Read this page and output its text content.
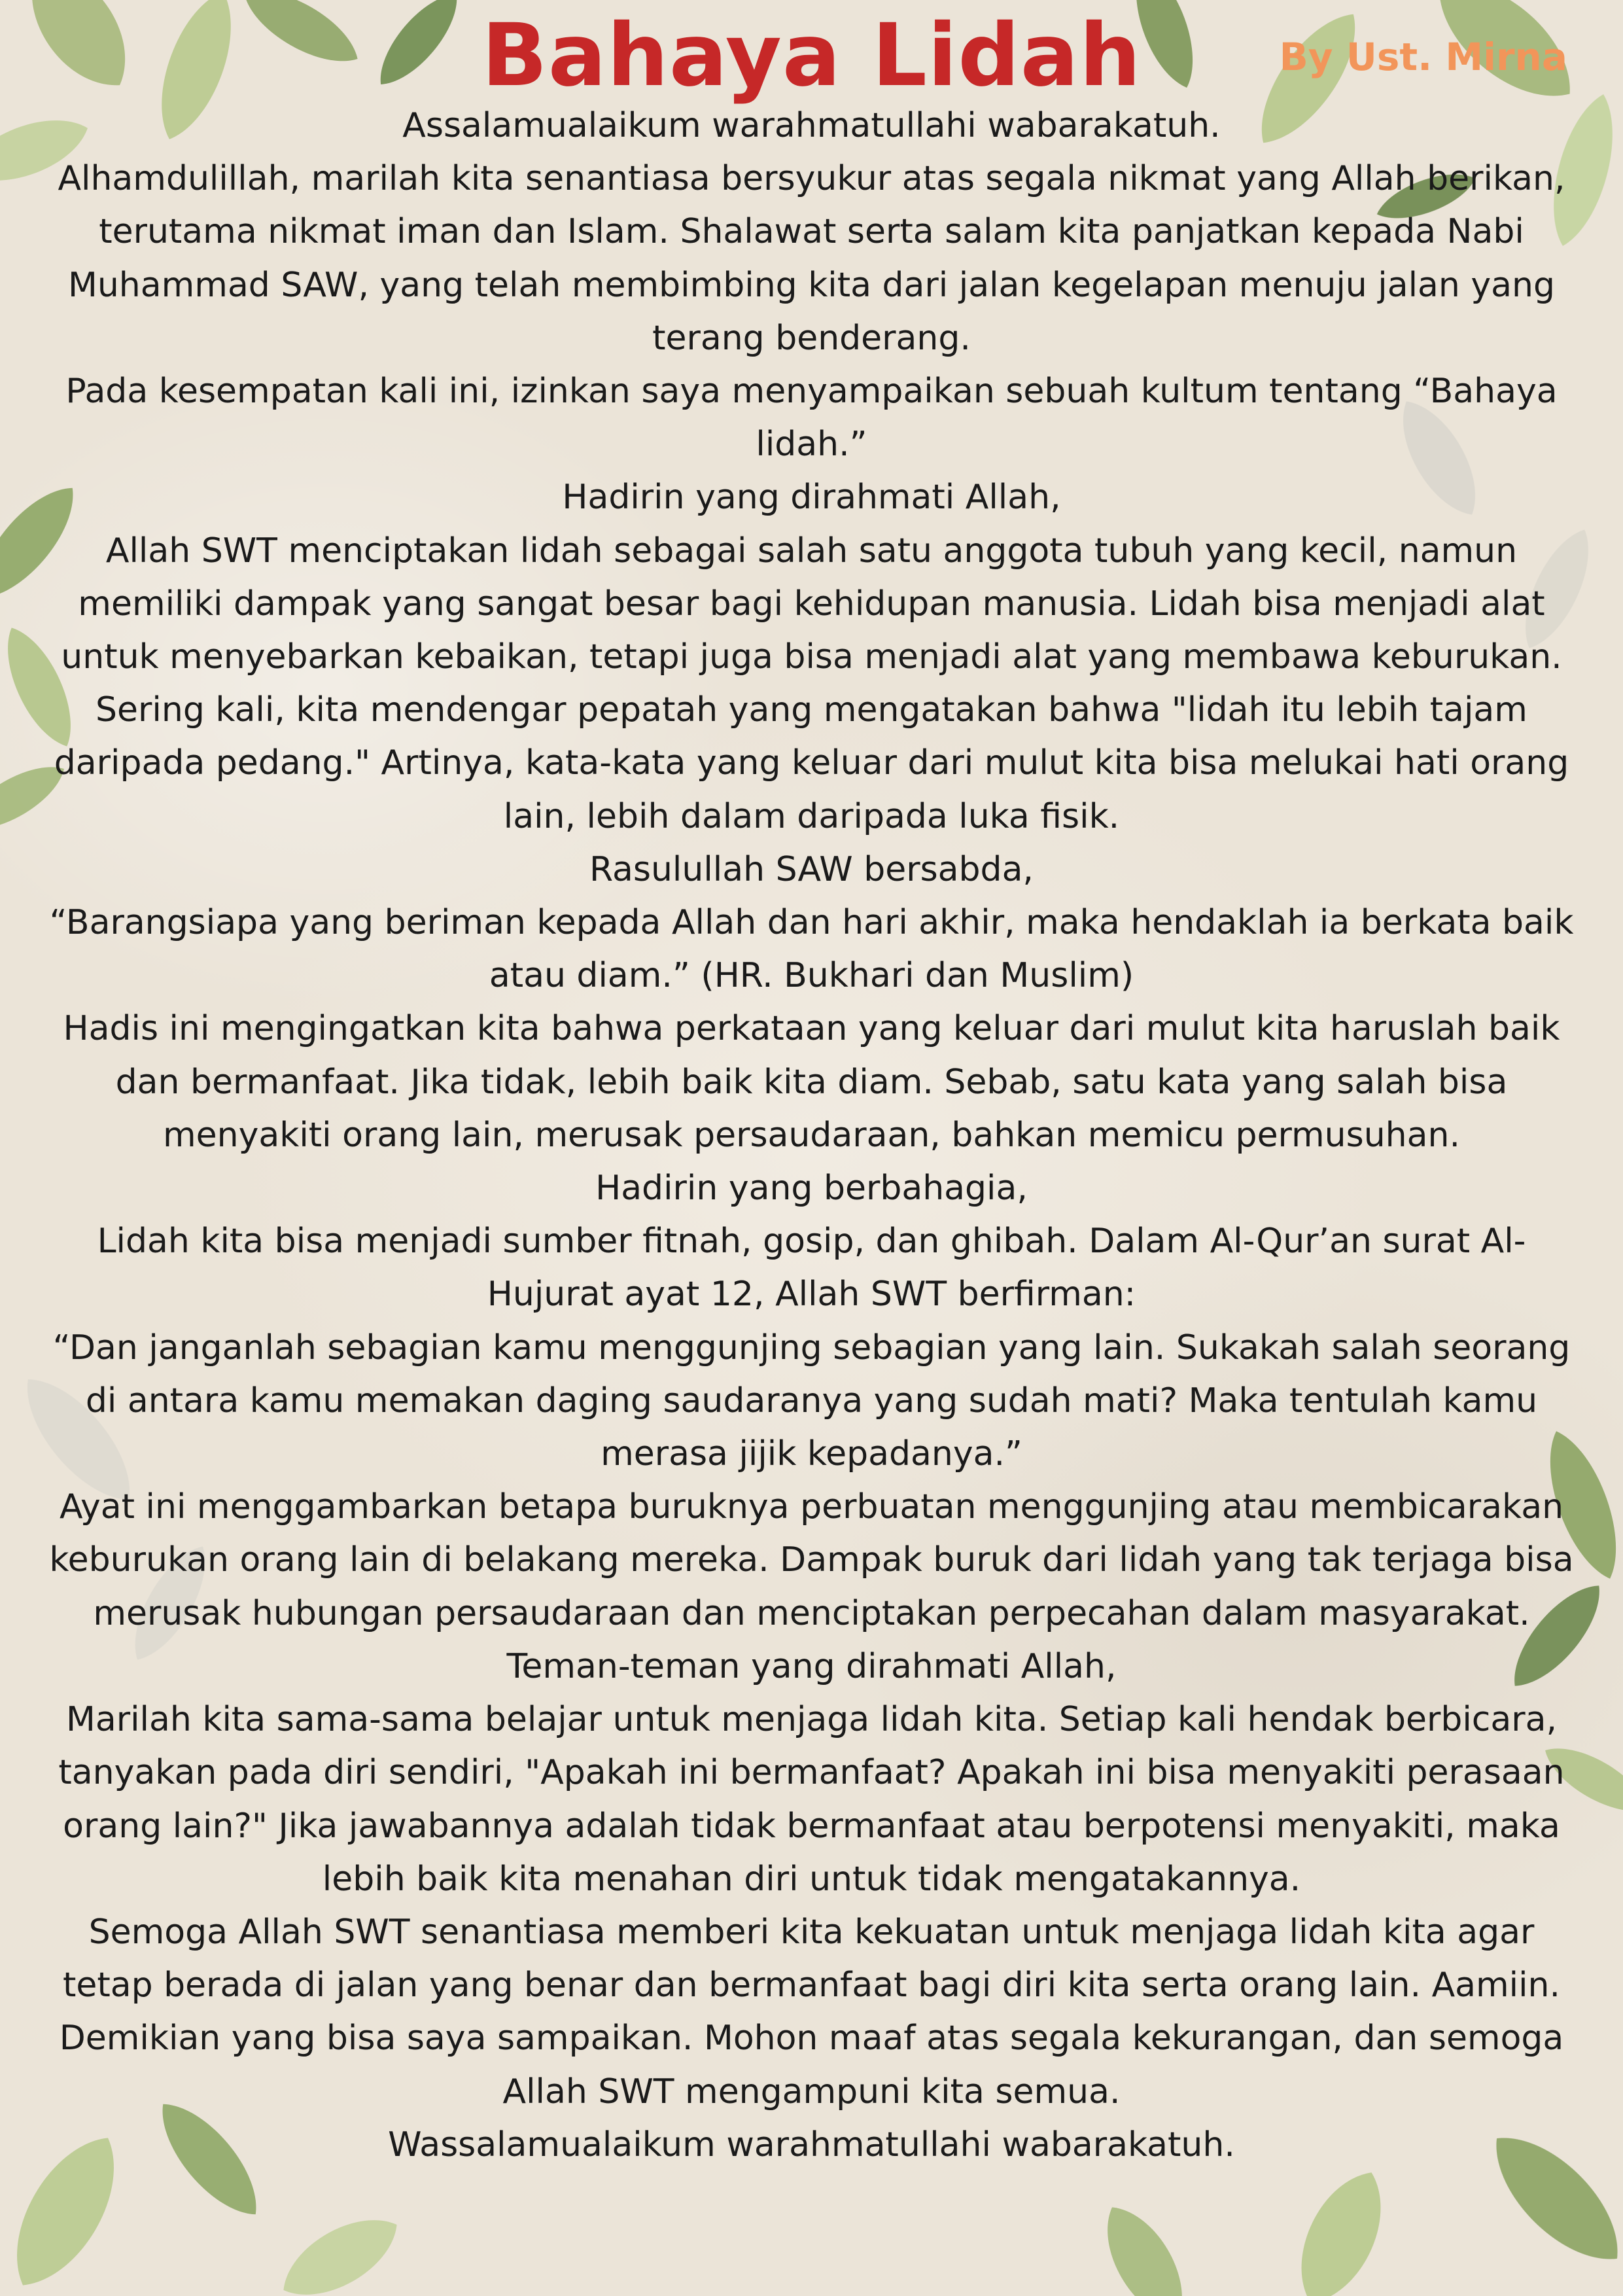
Bahaya Lidah	By Ust. Mirna

Assalamualaikum warahmatullahi wabarakatuh.

Alhamdulillah, marilah kita senantiasa bersyukur atas segala nikmat yang Allah berikan, terutama nikmat iman dan Islam. Shalawat serta salam kita panjatkan kepada Nabi Muhammad SAW, yang telah membimbing kita dari jalan kegelapan menuju jalan yang terang benderang.

Pada kesempatan kali ini, izinkan saya menyampaikan sebuah kultum tentang “Bahaya lidah.”

Hadirin yang dirahmati Allah,

Allah SWT menciptakan lidah sebagai salah satu anggota tubuh yang kecil, namun memiliki dampak yang sangat besar bagi kehidupan manusia. Lidah bisa menjadi alat untuk menyebarkan kebaikan, tetapi juga bisa menjadi alat yang membawa keburukan. Sering kali, kita mendengar pepatah yang mengatakan bahwa "lidah itu lebih tajam daripada pedang." Artinya, kata-kata yang keluar dari mulut kita bisa melukai hati orang lain, lebih dalam daripada luka fisik.

Rasulullah SAW bersabda,

“Barangsiapa yang beriman kepada Allah dan hari akhir, maka hendaklah ia berkata baik atau diam.” (HR. Bukhari dan Muslim)

Hadis ini mengingatkan kita bahwa perkataan yang keluar dari mulut kita haruslah baik dan bermanfaat. Jika tidak, lebih baik kita diam. Sebab, satu kata yang salah bisa menyakiti orang lain, merusak persaudaraan, bahkan memicu permusuhan.

Hadirin yang berbahagia,

Lidah kita bisa menjadi sumber fitnah, gosip, dan ghibah. Dalam Al-Qur’an surat Al-Hujurat ayat 12, Allah SWT berfirman:

“Dan janganlah sebagian kamu menggunjing sebagian yang lain. Sukakah salah seorang di antara kamu memakan daging saudaranya yang sudah mati? Maka tentulah kamu merasa jijik kepadanya.”

Ayat ini menggambarkan betapa buruknya perbuatan menggunjing atau membicarakan keburukan orang lain di belakang mereka. Dampak buruk dari lidah yang tak terjaga bisa merusak hubungan persaudaraan dan menciptakan perpecahan dalam masyarakat.

Teman-teman yang dirahmati Allah,

Marilah kita sama-sama belajar untuk menjaga lidah kita. Setiap kali hendak berbicara, tanyakan pada diri sendiri, "Apakah ini bermanfaat? Apakah ini bisa menyakiti perasaan orang lain?" Jika jawabannya adalah tidak bermanfaat atau berpotensi menyakiti, maka lebih baik kita menahan diri untuk tidak mengatakannya.

Semoga Allah SWT senantiasa memberi kita kekuatan untuk menjaga lidah kita agar tetap berada di jalan yang benar dan bermanfaat bagi diri kita serta orang lain. Aamiin.

Demikian yang bisa saya sampaikan. Mohon maaf atas segala kekurangan, dan semoga Allah SWT mengampuni kita semua.

Wassalamualaikum warahmatullahi wabarakatuh.
